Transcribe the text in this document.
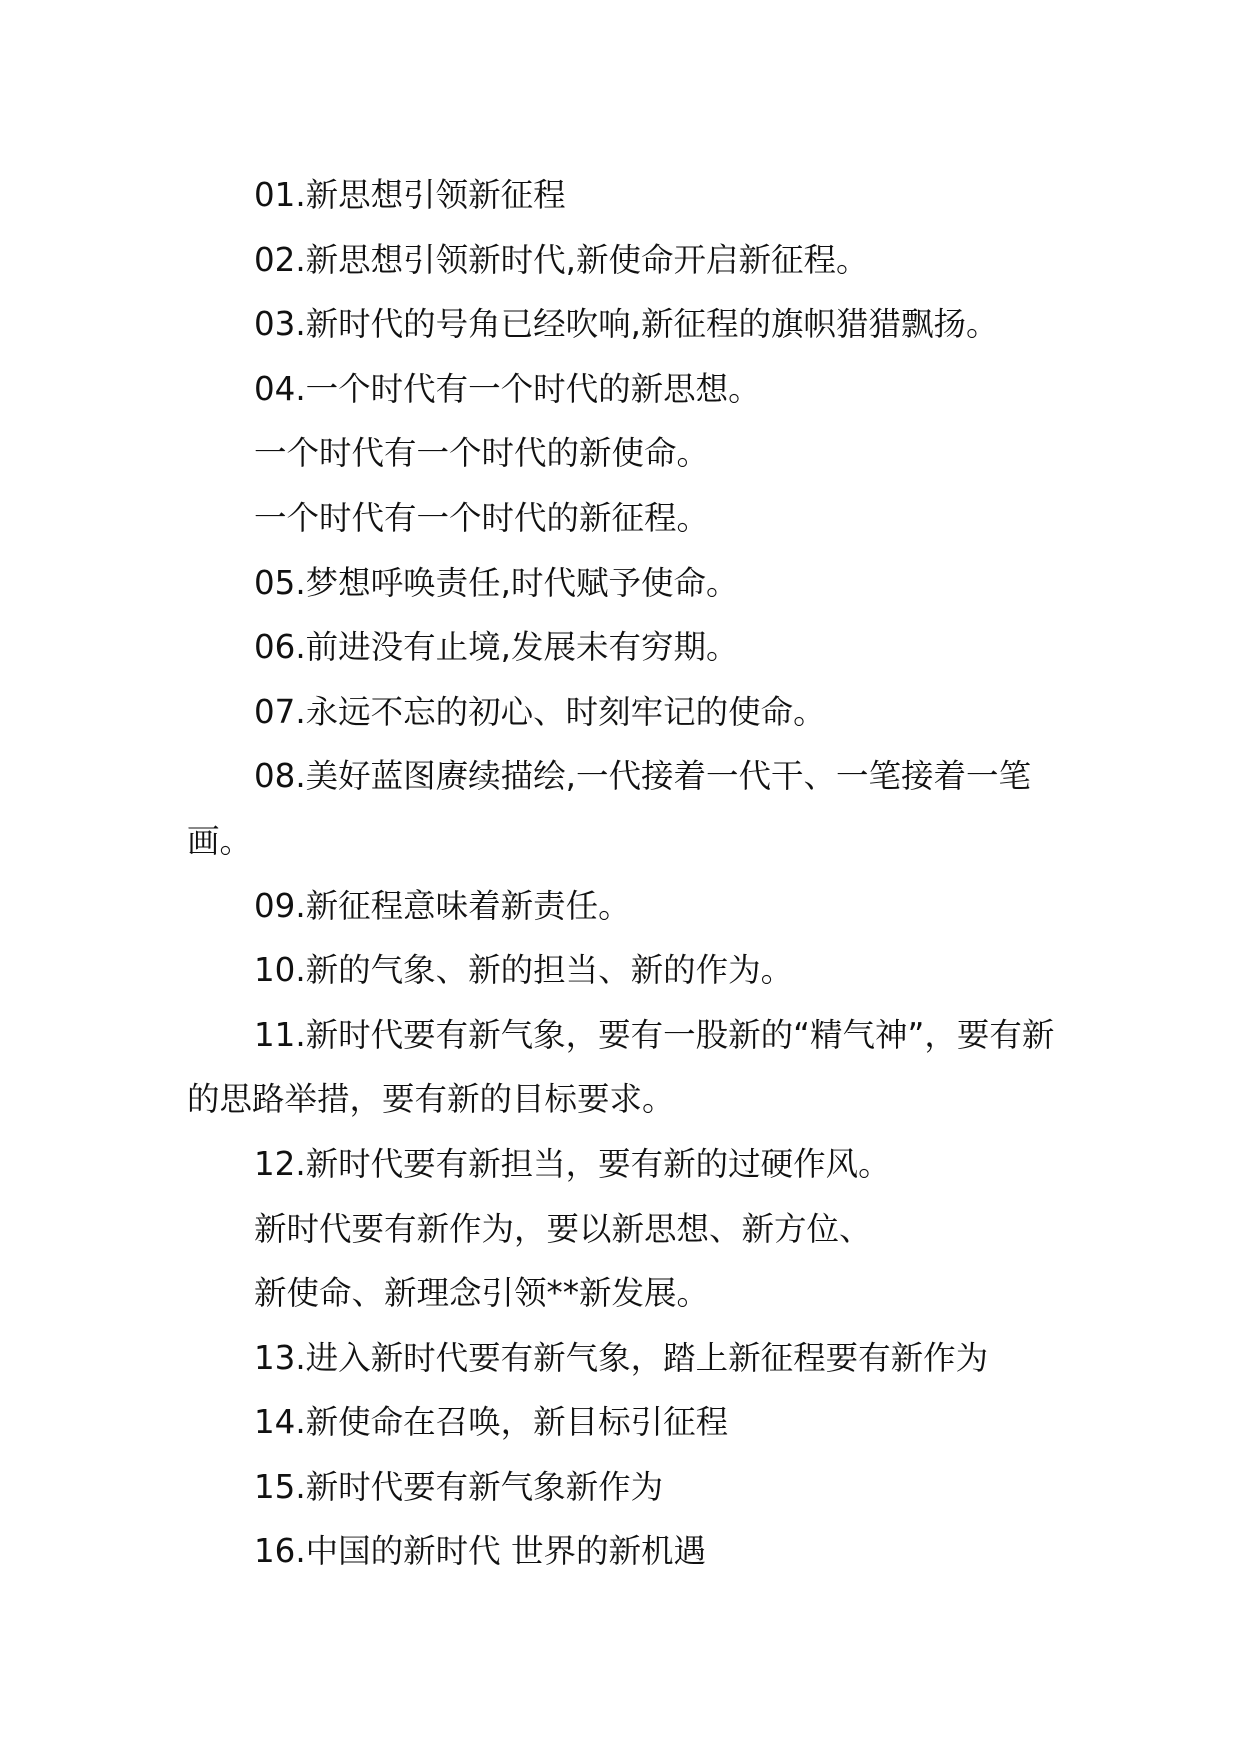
01.新思想引领新征程

02.新思想引领新时代,新使命开启新征程。

03.新时代的号角已经吹响,新征程的旗帜猎猎飘扬。

04.一个时代有一个时代的新思想。

一个时代有一个时代的新使命。

一个时代有一个时代的新征程。

05.梦想呼唤责任,时代赋予使命。

06.前进没有止境,发展未有穷期。

07.永远不忘的初心、时刻牢记的使命。

08.美好蓝图赓续描绘,一代接着一代干、一笔接着一笔画。

09.新征程意味着新责任。

10.新的气象、新的担当、新的作为。

11.新时代要有新气象，要有一股新的“精气神”，要有新的思路举措，要有新的目标要求。

12.新时代要有新担当，要有新的过硬作风。

新时代要有新作为，要以新思想、新方位、

新使命、新理念引领**新发展。

13.进入新时代要有新气象，踏上新征程要有新作为

14.新使命在召唤，新目标引征程

15.新时代要有新气象新作为

16.中国的新时代 世界的新机遇
